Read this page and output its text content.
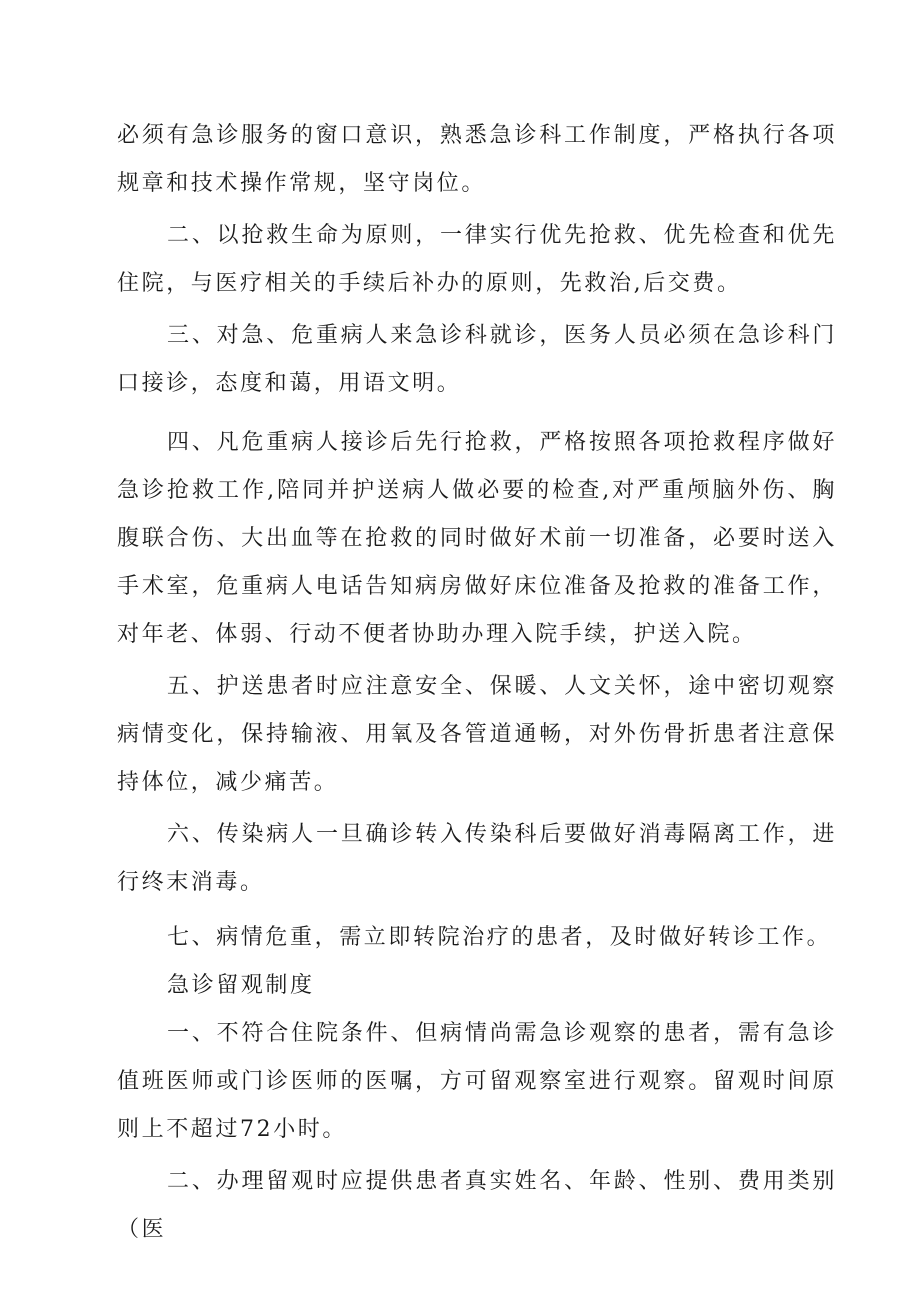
必须有急诊服务的窗口意识，熟悉急诊科工作制度，严格执行各项规章和技术操作常规，坚守岗位。

二、以抢救生命为原则，一律实行优先抢救、优先检查和优先住院，与医疗相关的手续后补办的原则，先救治,后交费。

三、对急、危重病人来急诊科就诊，医务人员必须在急诊科门口接诊，态度和蔼，用语文明。

四、凡危重病人接诊后先行抢救，严格按照各项抢救程序做好急诊抢救工作,陪同并护送病人做必要的检查,对严重颅脑外伤、胸腹联合伤、大出血等在抢救的同时做好术前一切准备，必要时送入手术室，危重病人电话告知病房做好床位准备及抢救的准备工作，对年老、体弱、行动不便者协助办理入院手续，护送入院。

五、护送患者时应注意安全、保暖、人文关怀，途中密切观察病情变化，保持输液、用氧及各管道通畅，对外伤骨折患者注意保持体位，减少痛苦。

六、传染病人一旦确诊转入传染科后要做好消毒隔离工作，进行终末消毒。

七、病情危重，需立即转院治疗的患者，及时做好转诊工作。

急诊留观制度

一、不符合住院条件、但病情尚需急诊观察的患者，需有急诊值班医师或门诊医师的医嘱，方可留观察室进行观察。留观时间原则上不超过72小时。

二、办理留观时应提供患者真实姓名、年龄、性别、费用类别（医
